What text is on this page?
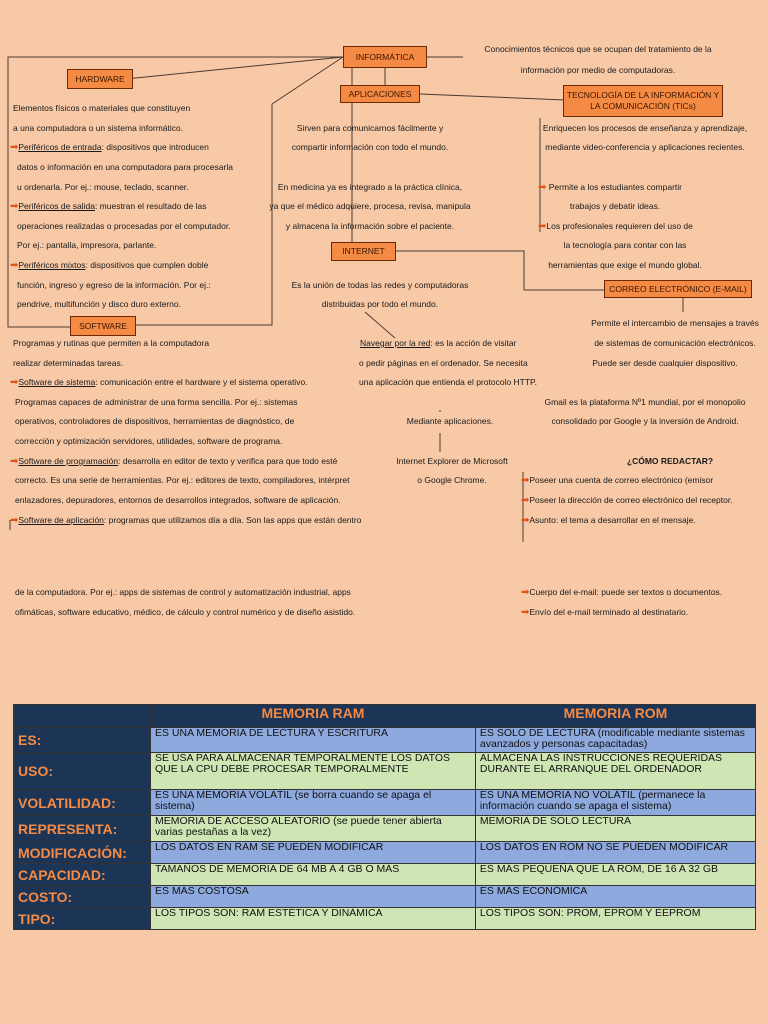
INFORMÁTICA
HARDWARE
APLICACIONES	TECNOLOGÍA DE LA INFORMACIÓN Y LA COMUNICACIÓN (TICs)
INTERNET
CORREO ELECTRÓNICO (E-MAIL)
SOFTWARE
Conocimientos técnicos que se ocupan del tratamiento de la
información por medio de computadoras.
Elementos físicos o materiales que constituyen
a una computadora o un sistema informático.
➡Periféricos de entrada: dispositivos que introducen
datos o información en una computadora para procesarla
u ordenarla. Por ej.: mouse, teclado, scanner.
➡Periféricos de salida: muestran el resultado de las
operaciones realizadas o procesadas por el computador.
Por ej.: pantalla, impresora, parlante.
➡Periféricos mixtos: dispositivos que cumplen doble
función, ingreso y egreso de la información. Por ej.:
pendrive, multifunción y disco duro externo.
Sirven para comunicarnos fácilmente y
compartir información con todo el mundo.
En medicina ya es integrado a la práctica clínica,
ya que el médico adquiere, procesa, revisa, manipula
y almacena la información sobre el paciente.
Enriquecen los procesos de enseñanza y aprendizaje,
mediante video-conferencia y aplicaciones recientes.
➡ Permite a los estudiantes compartir
trabajos y debatir ideas.
➡Los profesionales requieren del uso de
la tecnología para contar con las
herramientas que exige el mundo global.
Es la unión de todas las redes y computadoras
distribuidas por todo el mundo.
Navegar por la red: es la acción de visitar
o pedir páginas en el ordenador. Se necesita
una aplicación que entienda el protocolo HTTP.
Mediante aplicaciones.
Internet Explorer de Microsoft
o Google Chrome.
Permite el intercambio de mensajes a través
de sistemas de comunicación electrónicos.
Puede ser desde cualquier dispositivo.
Gmail es la plataforma Nº1 mundial, por el monopolio
consolidado por Google y la inversión de Android.
¿CÓMO REDACTAR?
➡Poseer una cuenta de correo electrónico (emisor
➡Poseer la dirección de correo electrónico del receptor.
➡Asunto: el tema a desarrollar en el mensaje.
➡Cuerpo del e-mail: puede ser textos o documentos.
➡Envío del e-mail terminado al destinatario.
Programas y rutinas que permiten a la computadora
realizar determinadas tareas.
➡Software de sistema: comunicación entre el hardware y el sistema operativo.
Programas capaces de administrar de una forma sencilla. Por ej.: sistemas
operativos, controladores de dispositivos, herramientas de diagnóstico, de
corrección y optimización servidores, utilidades, software de programa.
➡Software de programación: desarrolla en editor de texto y verifica para que todo esté
correcto. Es una serie de herramientas. Por ej.: editores de texto, compiladores, intérpret
enlazadores, depuradores, entornos de desarrollos integrados, software de aplicación.
➡Software de aplicación: programas que utilizamos día a día. Son las apps que están dentro
de la computadora. Por ej.: apps de sistemas de control y automatización industrial, apps
ofimáticas, software educativo, médico, de cálculo y control numérico y de diseño asistido.
	MEMORIA RAM	MEMORIA ROM
ES:	ES UNA MEMORIA DE LECTURA Y ESCRITURA	ES SOLO DE LECTURA (modificable mediante sistemas avanzados y personas capacitadas)
USO:	SE USA PARA ALMACENAR TEMPORALMENTE LOS DATOS QUE LA CPU DEBE PROCESAR TEMPORALMENTE	ALMACENA LAS INSTRUCCIONES REQUERIDAS DURANTE EL ARRANQUE DEL ORDENADOR
VOLATILIDAD:	ES UNA MEMORIA VOLÁTIL (se borra cuando se apaga el sistema)	ES UNA MEMORIA NO VOLÁTIL (permanece la información cuando se apaga el sistema)
REPRESENTA:	MEMORIA DE ACCESO ALEATORIO (se puede tener abierta varias pestañas a la vez)	MEMORIA DE SOLO LECTURA
MODIFICACIÓN:	LOS DATOS EN RAM SE PUEDEN MODIFICAR	LOS DATOS EN ROM NO SE PUEDEN MODIFICAR
CAPACIDAD:	TAMAÑOS DE MEMORIA DE 64 MB A 4 GB O MÁS	ES MÁS PEQUEÑA QUE LA ROM, DE 16 A 32 GB
COSTO:	ES MÁS COSTOSA	ES MÁS ECONÓMICA
TIPO:	LOS TIPOS SON: RAM ESTÉTICA Y DINÁMICA	LOS TIPOS SON: PROM, EPROM Y EEPROM
